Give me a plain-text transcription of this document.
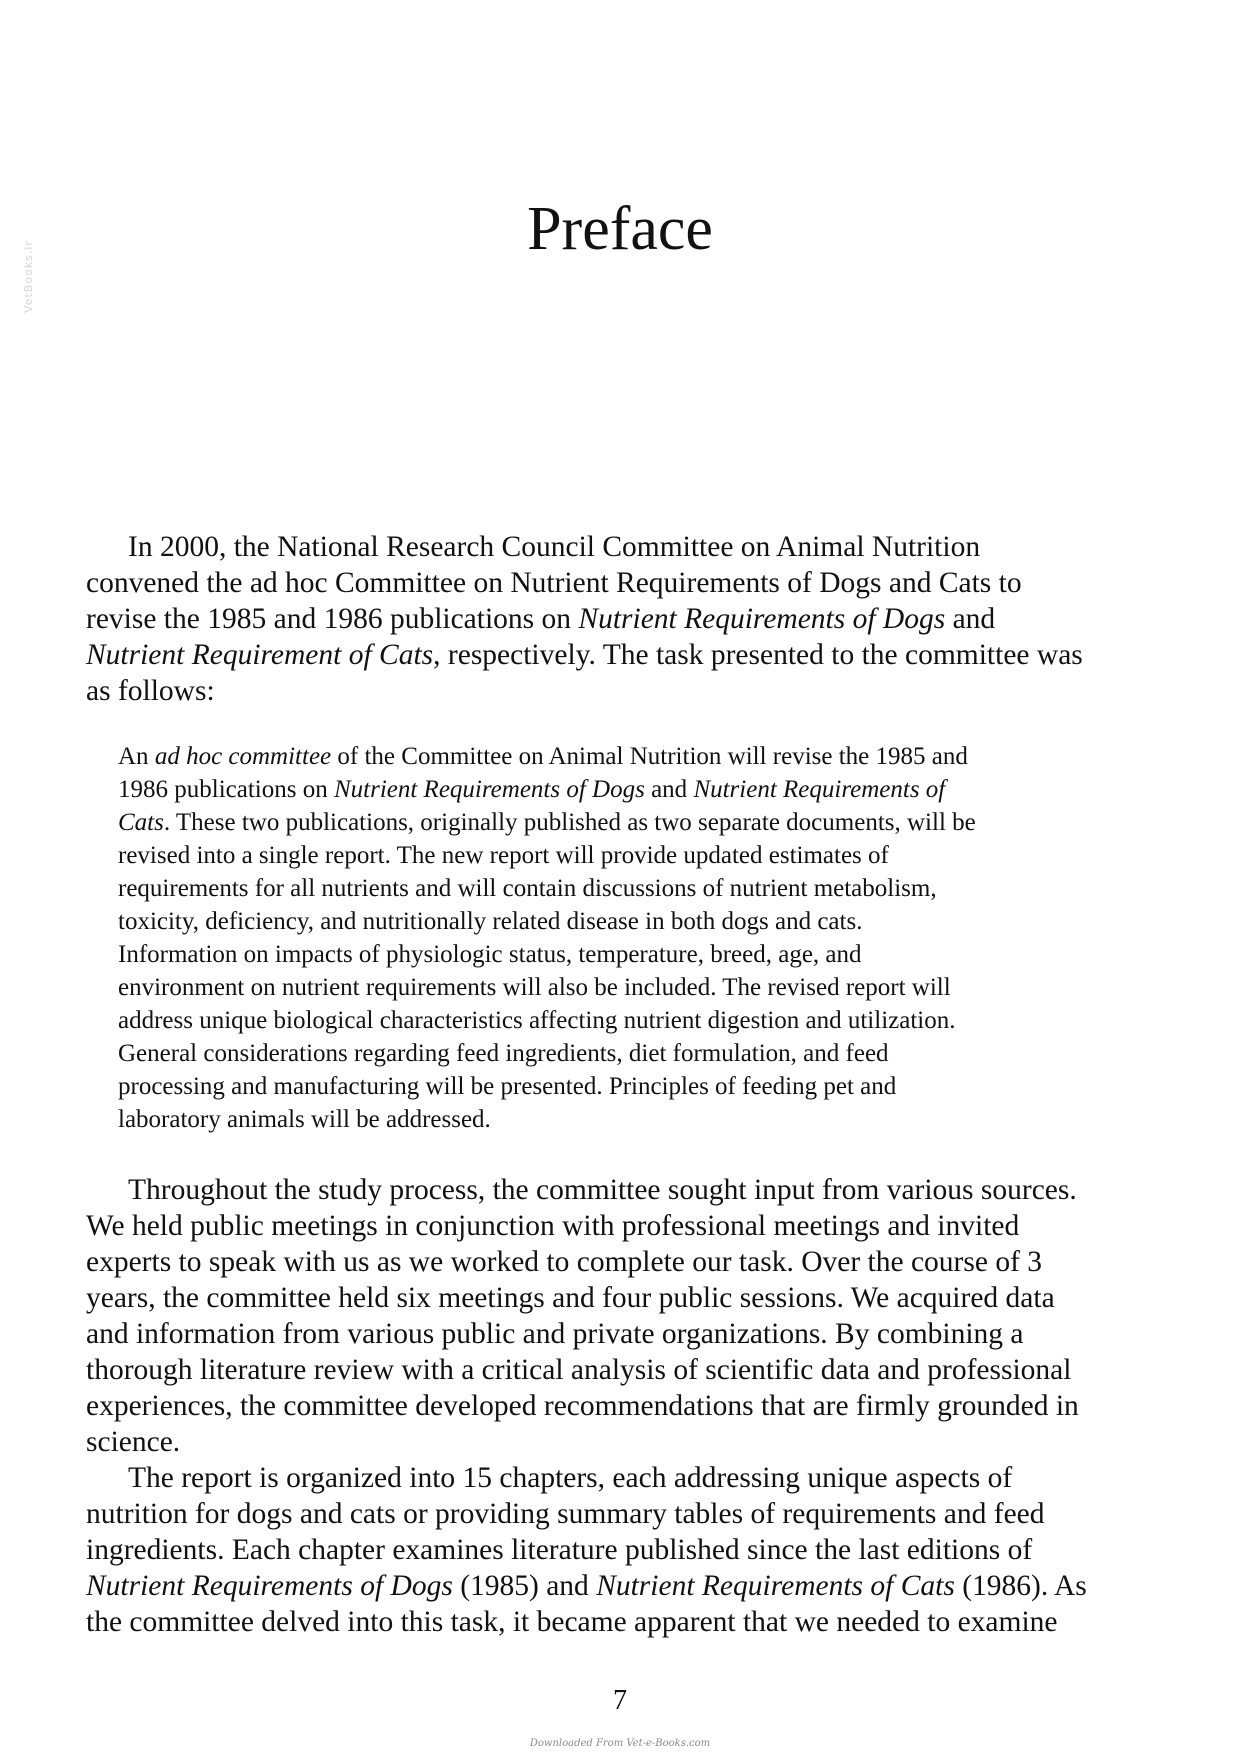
VetBooks.ir
Preface

In 2000, the National Research Council Committee on Animal Nutrition
convened the ad hoc Committee on Nutrient Requirements of Dogs and Cats to
revise the 1985 and 1986 publications on Nutrient Requirements of Dogs and
Nutrient Requirement of Cats, respectively. The task presented to the committee was
as follows:

An ad hoc committee of the Committee on Animal Nutrition will revise the 1985 and
1986 publications on Nutrient Requirements of Dogs and Nutrient Requirements of
Cats. These two publications, originally published as two separate documents, will be
revised into a single report. The new report will provide updated estimates of
requirements for all nutrients and will contain discussions of nutrient metabolism,
toxicity, deficiency, and nutritionally related disease in both dogs and cats.
Information on impacts of physiologic status, temperature, breed, age, and
environment on nutrient requirements will also be included. The revised report will
address unique biological characteristics affecting nutrient digestion and utilization.
General considerations regarding feed ingredients, diet formulation, and feed
processing and manufacturing will be presented. Principles of feeding pet and
laboratory animals will be addressed.

Throughout the study process, the committee sought input from various sources.
We held public meetings in conjunction with professional meetings and invited
experts to speak with us as we worked to complete our task. Over the course of 3
years, the committee held six meetings and four public sessions. We acquired data
and information from various public and private organizations. By combining a
thorough literature review with a critical analysis of scientific data and professional
experiences, the committee developed recommendations that are firmly grounded in
science.

The report is organized into 15 chapters, each addressing unique aspects of
nutrition for dogs and cats or providing summary tables of requirements and feed
ingredients. Each chapter examines literature published since the last editions of
Nutrient Requirements of Dogs (1985) and Nutrient Requirements of Cats (1986). As
the committee delved into this task, it became apparent that we needed to examine

7
Downloaded From Vet-e-Books.com
